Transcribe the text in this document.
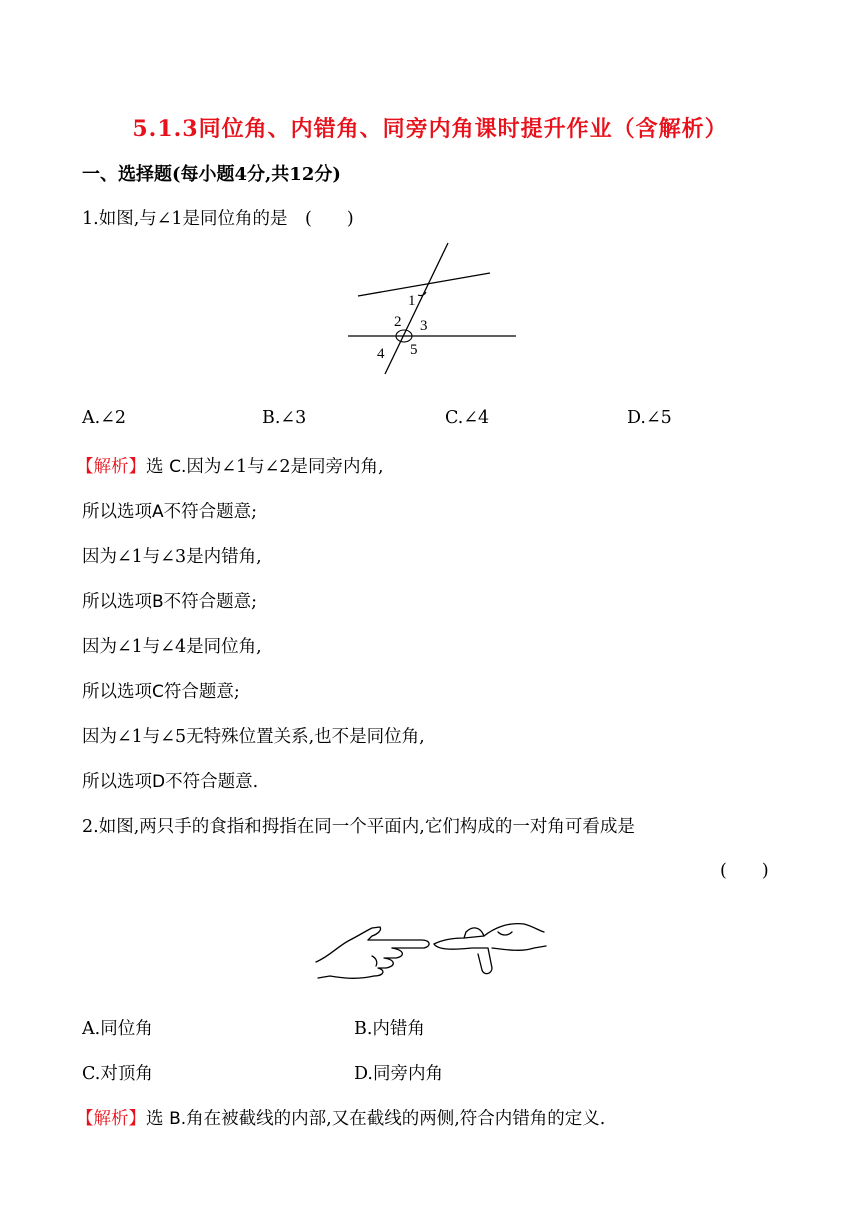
5.1.3同位角、内错角、同旁内角课时提升作业（含解析）
一、选择题(每小题4分,共12分)
1.如图,与∠1是同位角的是　(　　)
1
2 3
4 5
A.∠2	B.∠3	C.∠4	D.∠5
【解析】选 C.因为∠1与∠2是同旁内角,
所以选项A不符合题意;
因为∠1与∠3是内错角,
所以选项B不符合题意;
因为∠1与∠4是同位角,
所以选项C符合题意;
因为∠1与∠5无特殊位置关系,也不是同位角,
所以选项D不符合题意.
2.如图,两只手的食指和拇指在同一个平面内,它们构成的一对角可看成是
(　　)
A.同位角	B.内错角
C.对顶角	D.同旁内角
【解析】选 B.角在被截线的内部,又在截线的两侧,符合内错角的定义.
